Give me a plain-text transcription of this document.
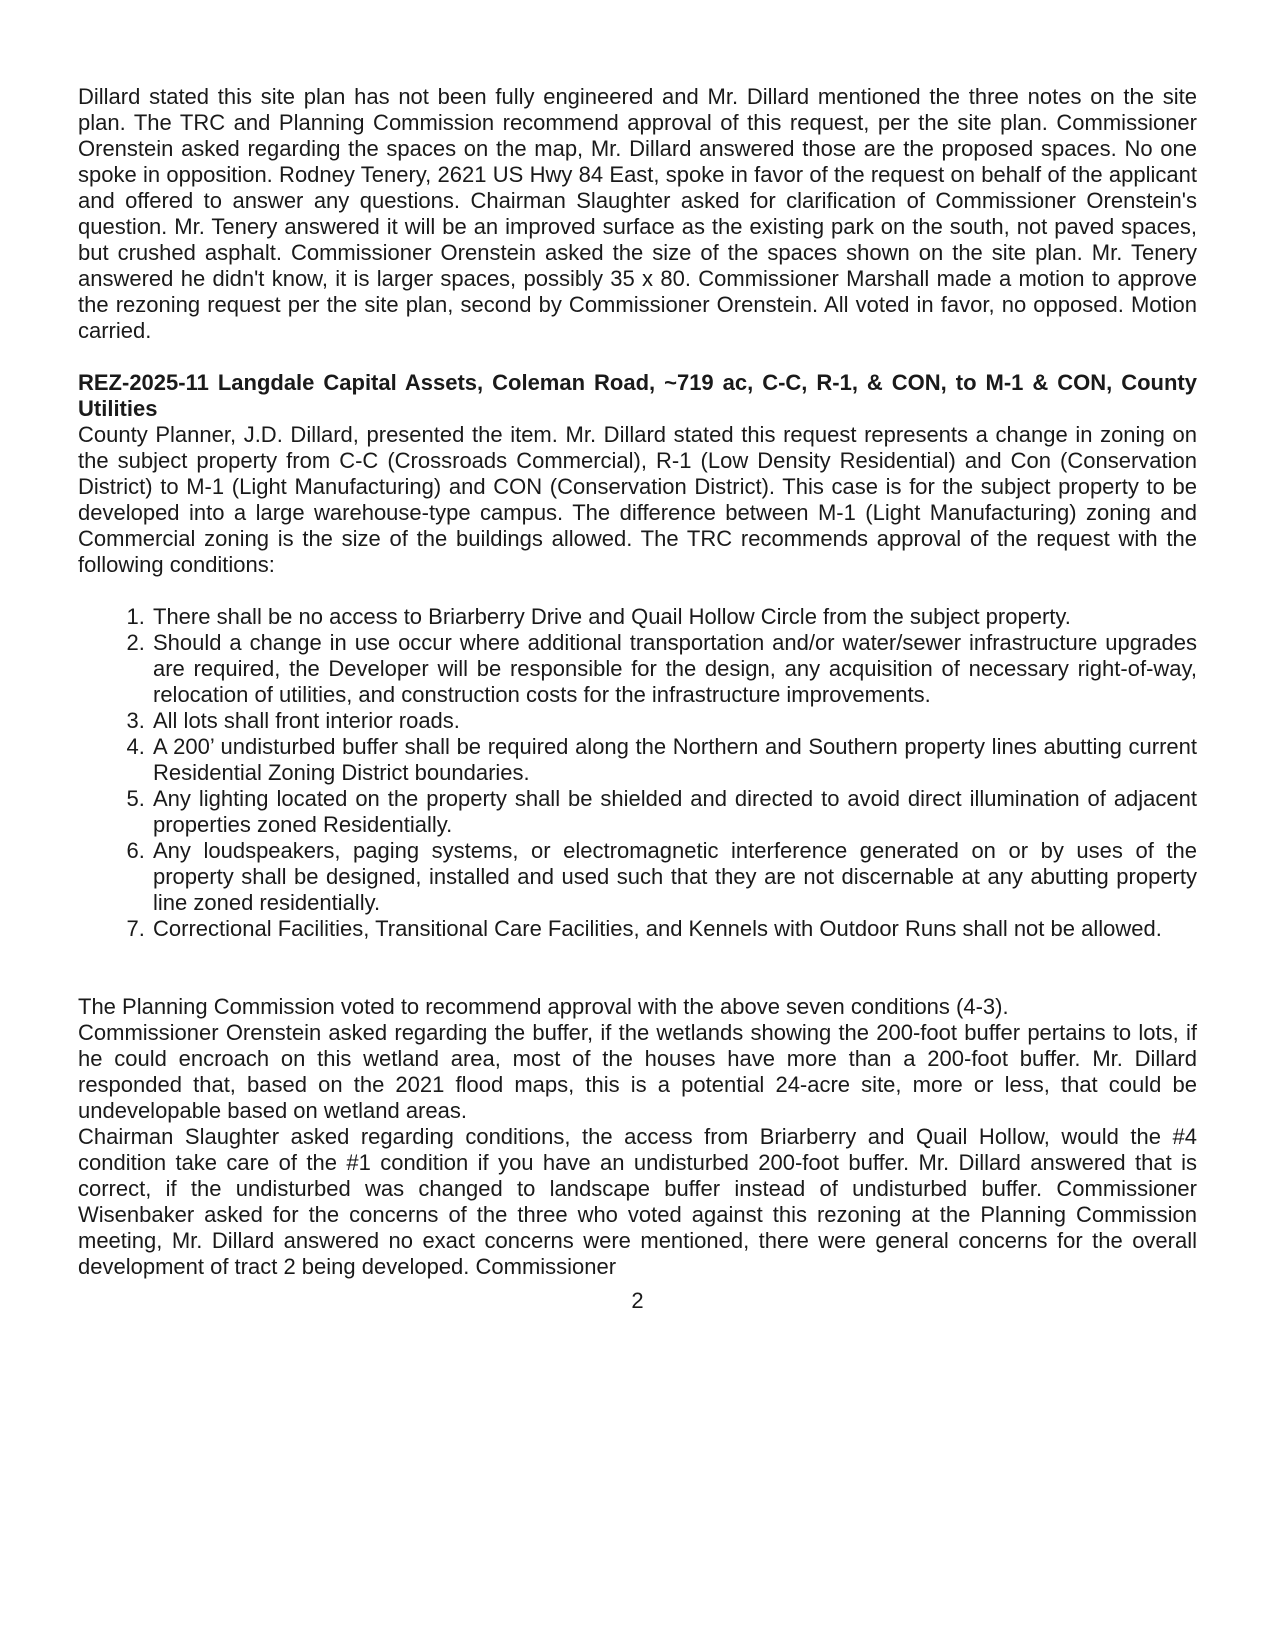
Dillard stated this site plan has not been fully engineered and Mr. Dillard mentioned the three notes on the site plan. The TRC and Planning Commission recommend approval of this request, per the site plan. Commissioner Orenstein asked regarding the spaces on the map, Mr. Dillard answered those are the proposed spaces. No one spoke in opposition. Rodney Tenery, 2621 US Hwy 84 East, spoke in favor of the request on behalf of the applicant and offered to answer any questions. Chairman Slaughter asked for clarification of Commissioner Orenstein's question. Mr. Tenery answered it will be an improved surface as the existing park on the south, not paved spaces, but crushed asphalt. Commissioner Orenstein asked the size of the spaces shown on the site plan. Mr. Tenery answered he didn't know, it is larger spaces, possibly 35 x 80. Commissioner Marshall made a motion to approve the rezoning request per the site plan, second by Commissioner Orenstein. All voted in favor, no opposed. Motion carried.

REZ-2025-11 Langdale Capital Assets, Coleman Road, ~719 ac, C-C, R-1, & CON, to M-1 & CON, County Utilities

County Planner, J.D. Dillard, presented the item. Mr. Dillard stated this request represents a change in zoning on the subject property from C-C (Crossroads Commercial), R-1 (Low Density Residential) and Con (Conservation District) to M-1 (Light Manufacturing) and CON (Conservation District). This case is for the subject property to be developed into a large warehouse-type campus. The difference between M-1 (Light Manufacturing) zoning and Commercial zoning is the size of the buildings allowed. The TRC recommends approval of the request with the following conditions:

1. There shall be no access to Briarberry Drive and Quail Hollow Circle from the subject property.
2. Should a change in use occur where additional transportation and/or water/sewer infrastructure upgrades are required, the Developer will be responsible for the design, any acquisition of necessary right-of-way, relocation of utilities, and construction costs for the infrastructure improvements.
3. All lots shall front interior roads.
4. A 200’ undisturbed buffer shall be required along the Northern and Southern property lines abutting current Residential Zoning District boundaries.
5. Any lighting located on the property shall be shielded and directed to avoid direct illumination of adjacent properties zoned Residentially.
6. Any loudspeakers, paging systems, or electromagnetic interference generated on or by uses of the property shall be designed, installed and used such that they are not discernable at any abutting property line zoned residentially.
7. Correctional Facilities, Transitional Care Facilities, and Kennels with Outdoor Runs shall not be allowed.

The Planning Commission voted to recommend approval with the above seven conditions (4-3).

Commissioner Orenstein asked regarding the buffer, if the wetlands showing the 200-foot buffer pertains to lots, if he could encroach on this wetland area, most of the houses have more than a 200-foot buffer. Mr. Dillard responded that, based on the 2021 flood maps, this is a potential 24-acre site, more or less, that could be undevelopable based on wetland areas.

Chairman Slaughter asked regarding conditions, the access from Briarberry and Quail Hollow, would the #4 condition take care of the #1 condition if you have an undisturbed 200-foot buffer. Mr. Dillard answered that is correct, if the undisturbed was changed to landscape buffer instead of undisturbed buffer. Commissioner Wisenbaker asked for the concerns of the three who voted against this rezoning at the Planning Commission meeting, Mr. Dillard answered no exact concerns were mentioned, there were general concerns for the overall development of tract 2 being developed. Commissioner

2
